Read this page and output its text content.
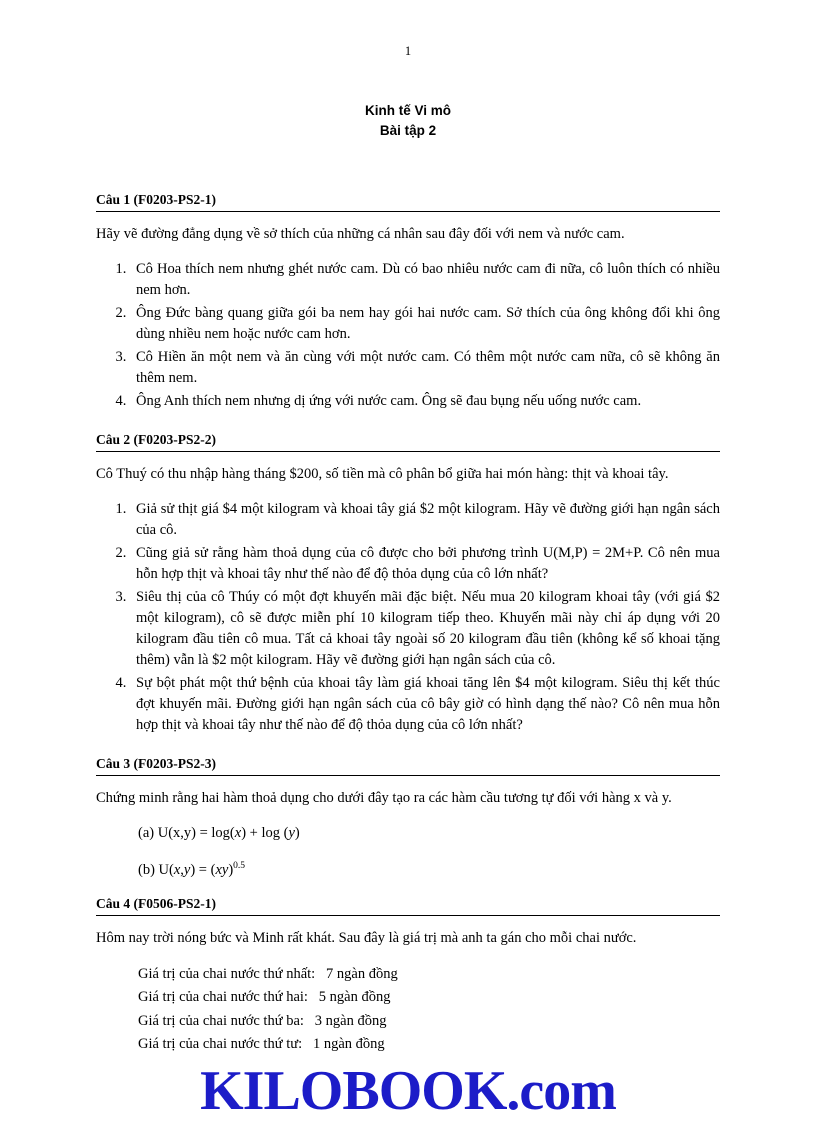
1
Kinh tế Vi mô
Bài tập 2
Câu 1 (F0203-PS2-1)

Hãy vẽ đường đẳng dụng về sở thích của những cá nhân sau đây đối với nem và nước cam.

1. Cô Hoa thích nem nhưng ghét nước cam. Dù có bao nhiêu nước cam đi nữa, cô luôn thích có nhiều nem hơn.
2. Ông Đức bàng quang giữa gói ba nem hay gói hai nước cam. Sở thích của ông không đổi khi ông dùng nhiều nem hoặc nước cam hơn.
3. Cô Hiền ăn một nem và ăn cùng với một nước cam. Có thêm một nước cam nữa, cô sẽ không ăn thêm nem.
4. Ông Anh thích nem nhưng dị ứng với nước cam. Ông sẽ đau bụng nếu uống nước cam.
Câu 2 (F0203-PS2-2)

Cô Thuý có thu nhập hàng tháng $200, số tiền mà cô phân bổ giữa hai món hàng: thịt và khoai tây.

1. Giả sử thịt giá $4 một kilogram và khoai tây giá $2 một kilogram. Hãy vẽ đường giới hạn ngân sách của cô.
2. Cũng giả sử rằng hàm thoả dụng của cô được cho bởi phương trình U(M,P) = 2M+P. Cô nên mua hỗn hợp thịt và khoai tây như thế nào để độ thỏa dụng của cô lớn nhất?
3. Siêu thị của cô Thúy có một đợt khuyến mãi đặc biệt. Nếu mua 20 kilogram khoai tây (với giá $2 một kilogram), cô sẽ được miễn phí 10 kilogram tiếp theo. Khuyến mãi này chỉ áp dụng với 20 kilogram đầu tiên cô mua. Tất cả khoai tây ngoài số 20 kilogram đầu tiên (không kể số khoai tặng thêm) vẫn là $2 một kilogram. Hãy vẽ đường giới hạn ngân sách của cô.
4. Sự bột phát một thứ bệnh của khoai tây làm giá khoai tăng lên $4 một kilogram. Siêu thị kết thúc đợt khuyến mãi. Đường giới hạn ngân sách của cô bây giờ có hình dạng thế nào? Cô nên mua hỗn hợp thịt và khoai tây như thế nào để độ thỏa dụng của cô lớn nhất?
Câu 3 (F0203-PS2-3)

Chứng minh rằng hai hàm thoả dụng cho dưới đây tạo ra các hàm cầu tương tự đối với hàng x và y.

(a) U(x,y) = log(x) + log (y)
(b) U(x,y) = (xy)$^{0.5}$
Câu 4 (F0506-PS2-1)

Hôm nay trời nóng bức và Minh rất khát. Sau đây là giá trị mà anh ta gán cho mỗi chai nước.

Giá trị của chai nước thứ nhất:   7 ngàn đồng
Giá trị của chai nước thứ hai:   5 ngàn đồng
Giá trị của chai nước thứ ba:   3 ngàn đồng
Giá trị của chai nước thứ tư:   1 ngàn đồng
KILOBOOK.com
